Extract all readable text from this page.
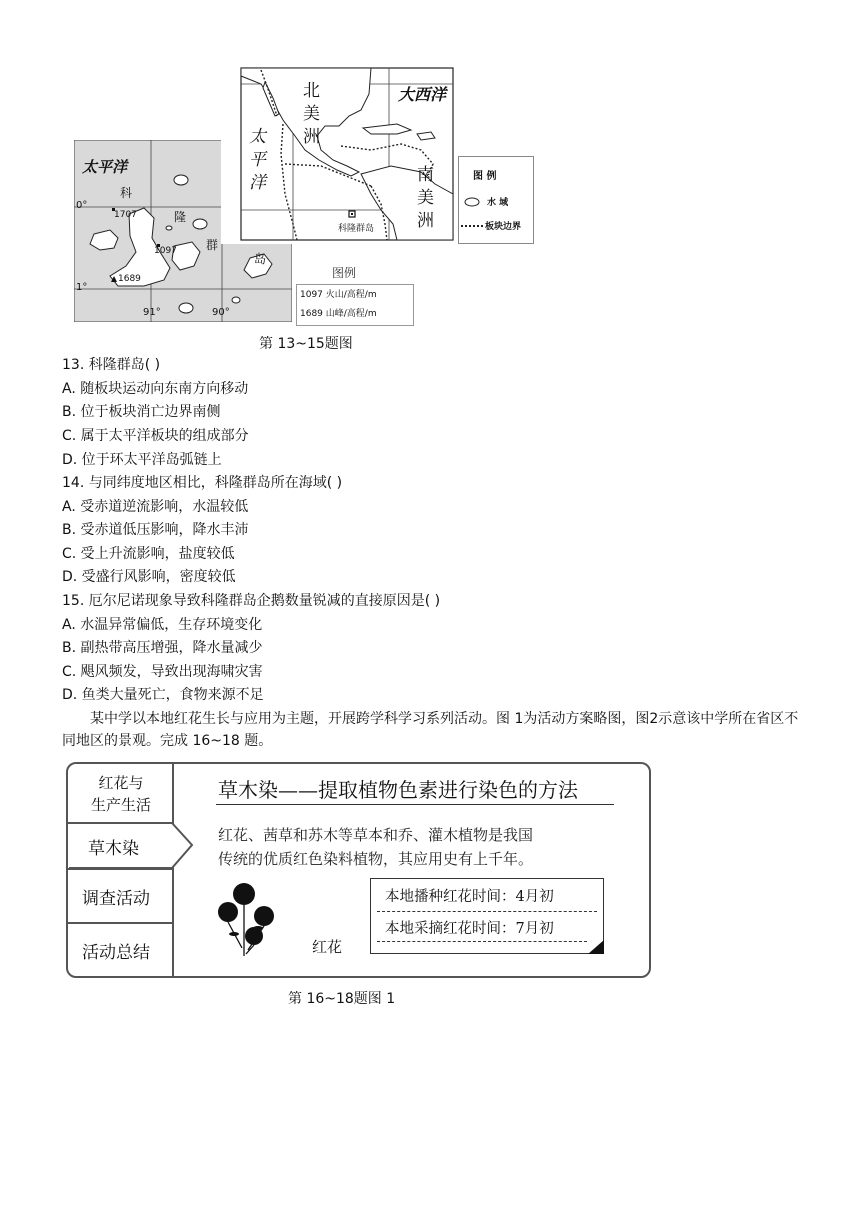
太平洋
科
隆
群
岛
0°
1°
1707
1097
1689
91°	90°
图例
1097 火山/高程/m
1689 山峰/高程/m
北
美
洲
大西洋
太
平
洋	南
美
洲
科隆群岛
图 例
水 域
板块边界
第 13~15题图
13. 科隆群岛( )
A. 随板块运动向东南方向移动
B. 位于板块消亡边界南侧
C. 属于太平洋板块的组成部分
D. 位于环太平洋岛弧链上
14. 与同纬度地区相比，科隆群岛所在海域( )
A. 受赤道逆流影响，水温较低
B. 受赤道低压影响，降水丰沛
C. 受上升流影响，盐度较低
D. 受盛行风影响，密度较低
15. 厄尔尼诺现象导致科隆群岛企鹅数量锐减的直接原因是( )
A. 水温异常偏低，生存环境变化
B. 副热带高压增强，降水量减少
C. 飓风频发，导致出现海啸灾害
D. 鱼类大量死亡，食物来源不足
某中学以本地红花生长与应用为主题，开展跨学科学习系列活动。图 1为活动方案略图，图2示意该中学所在省区不同地区的景观。完成 16~18 题。
红花与
生产生活
草木染
调查活动
活动总结
草木染——提取植物色素进行染色的方法
红花、茜草和苏木等草本和乔、灌木植物是我国
传统的优质红色染料植物，其应用史有上千年。
红花
本地播种红花时间：4月初
本地采摘红花时间：7月初
第 16~18题图 1
